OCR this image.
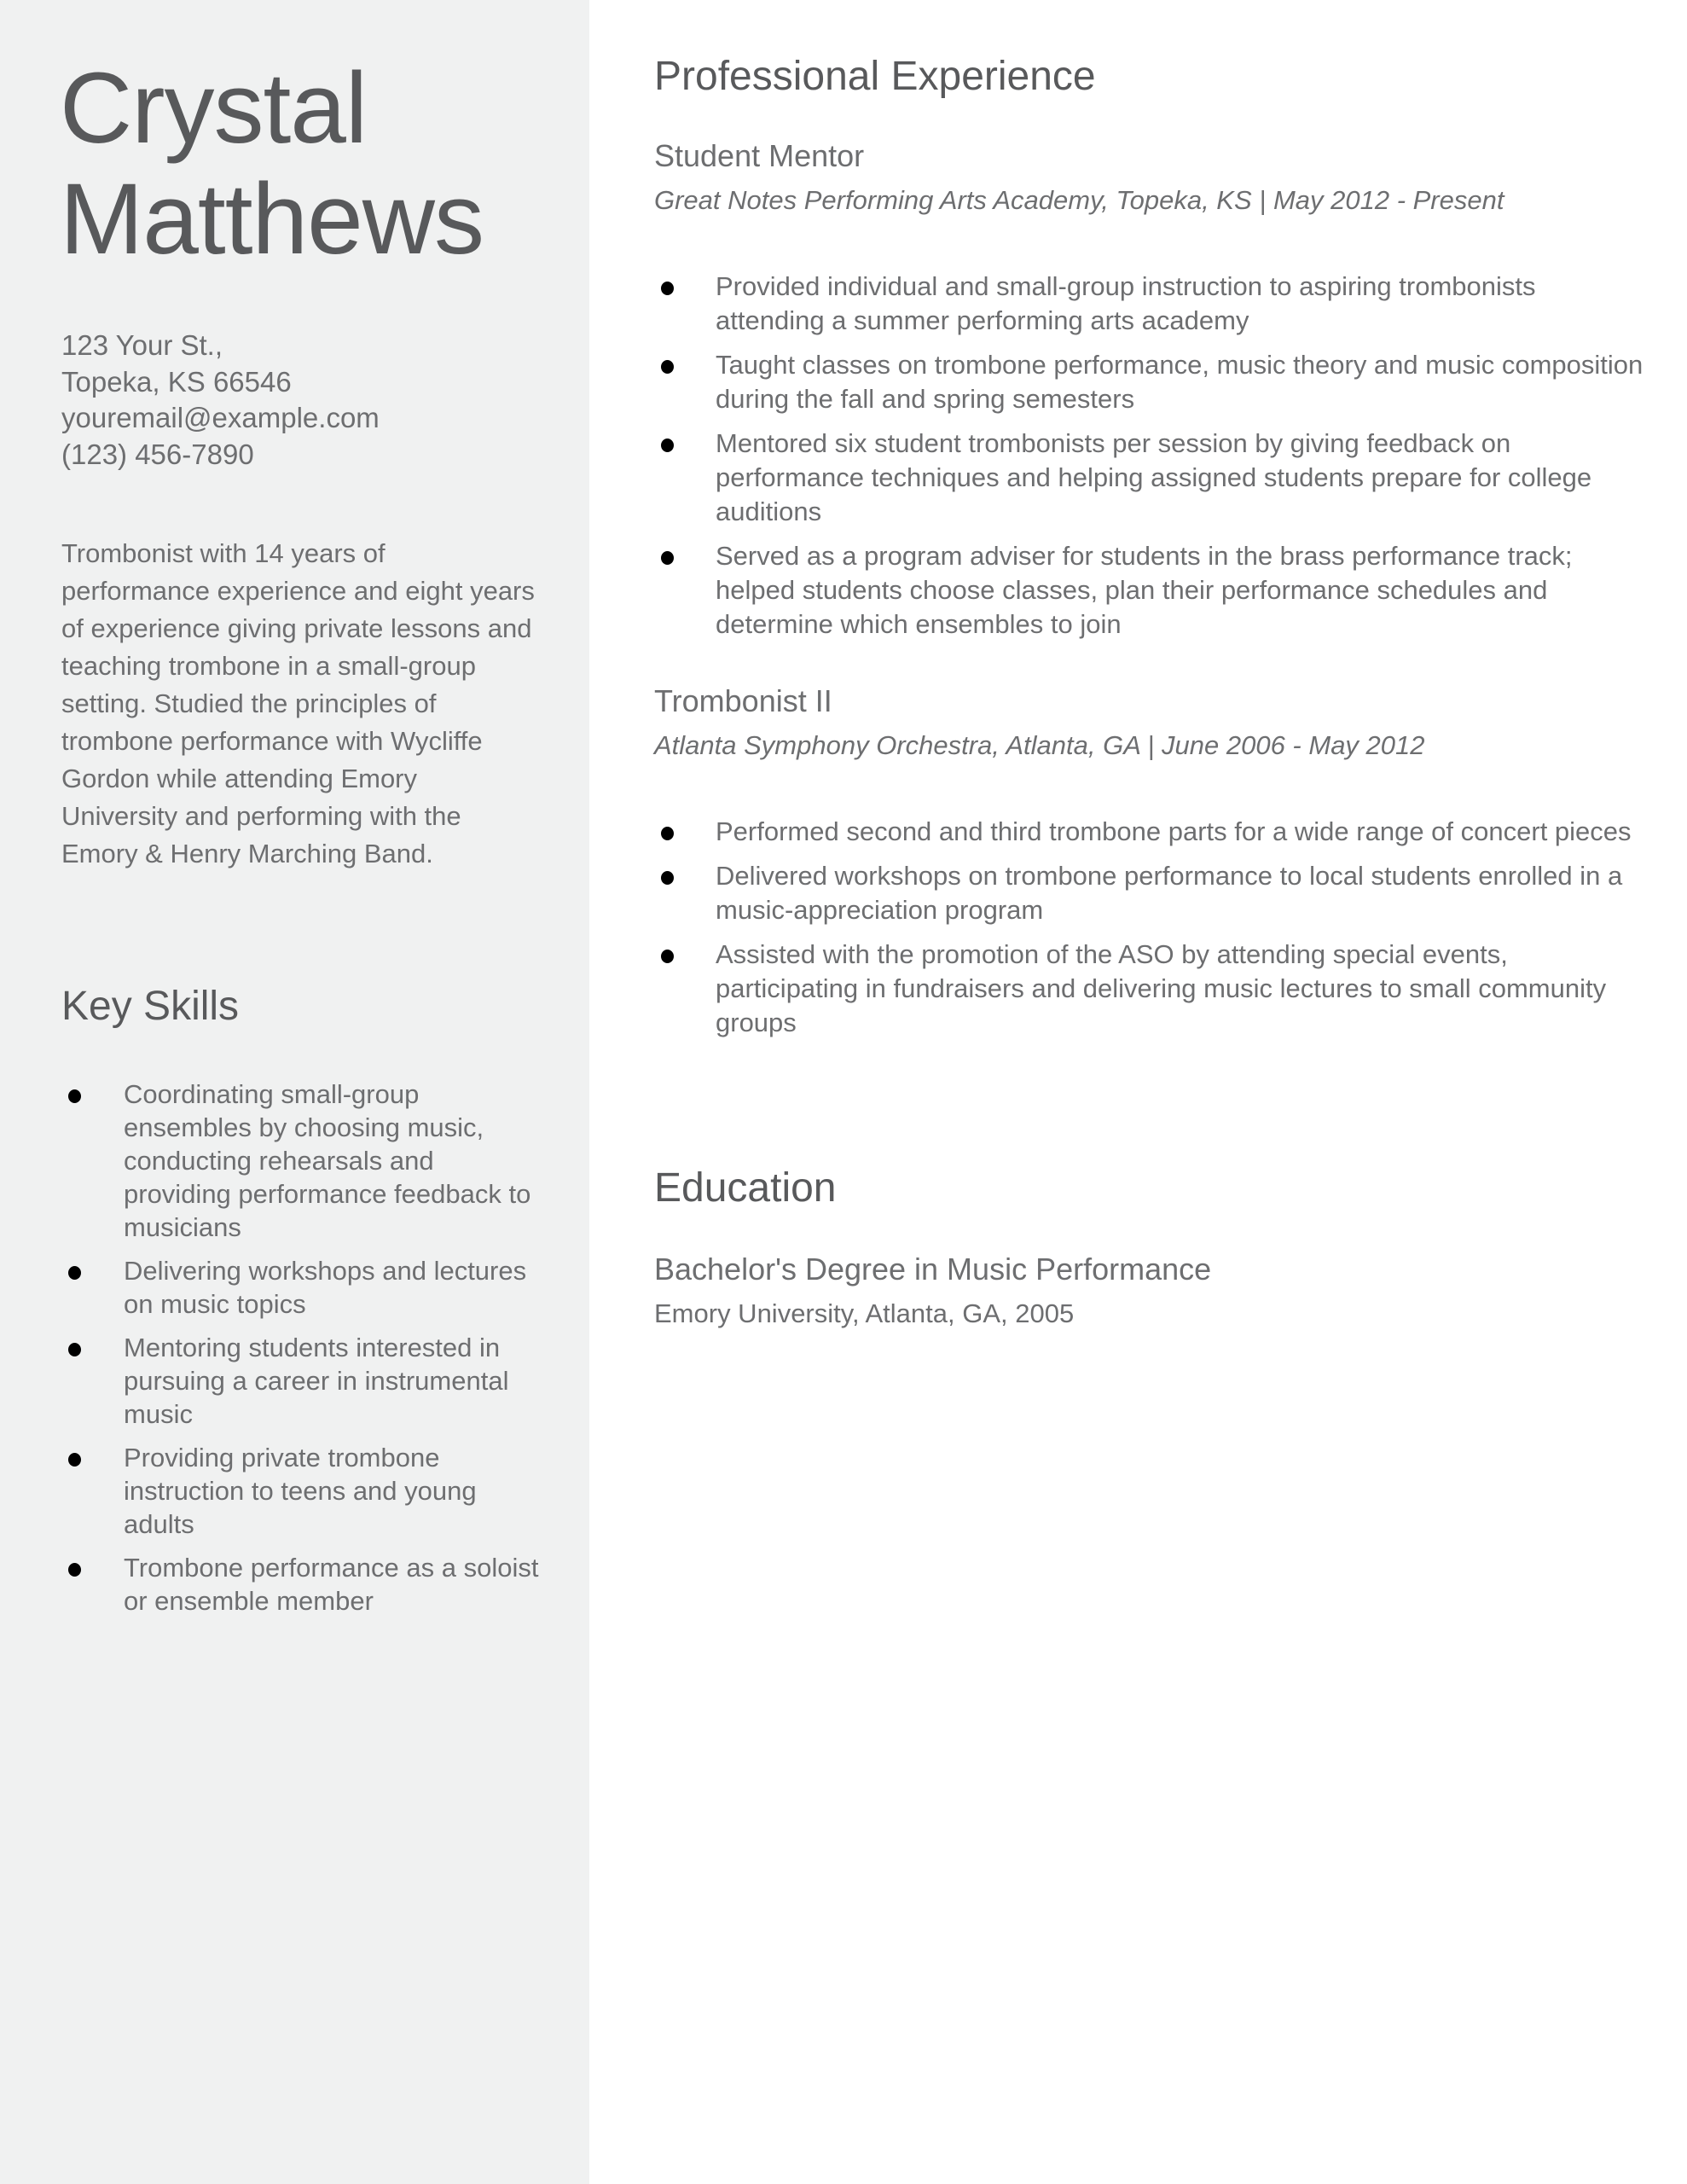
Crystal
Matthews
123 Your St.,
Topeka, KS 66546
youremail@example.com
(123) 456-7890
Trombonist with 14 years of performance experience and eight years of experience giving private lessons and teaching trombone in a small-group setting. Studied the principles of trombone performance with Wycliffe Gordon while attending Emory University and performing with the Emory & Henry Marching Band.
Key Skills
Coordinating small-group ensembles by choosing music, conducting rehearsals and providing performance feedback to musicians
Delivering workshops and lectures on music topics
Mentoring students interested in pursuing a career in instrumental music
Providing private trombone instruction to teens and young adults
Trombone performance as a soloist or ensemble member
Professional Experience
Student Mentor
Great Notes Performing Arts Academy, Topeka, KS | May 2012 - Present
Provided individual and small-group instruction to aspiring trombonists attending a summer performing arts academy
Taught classes on trombone performance, music theory and music composition during the fall and spring semesters
Mentored six student trombonists per session by giving feedback on performance techniques and helping assigned students prepare for college auditions
Served as a program adviser for students in the brass performance track; helped students choose classes, plan their performance schedules and determine which ensembles to join
Trombonist II
Atlanta Symphony Orchestra, Atlanta, GA | June 2006 - May 2012
Performed second and third trombone parts for a wide range of concert pieces
Delivered workshops on trombone performance to local students enrolled in a music-appreciation program
Assisted with the promotion of the ASO by attending special events, participating in fundraisers and delivering music lectures to small community groups
Education
Bachelor's Degree in Music Performance
Emory University, Atlanta, GA, 2005
